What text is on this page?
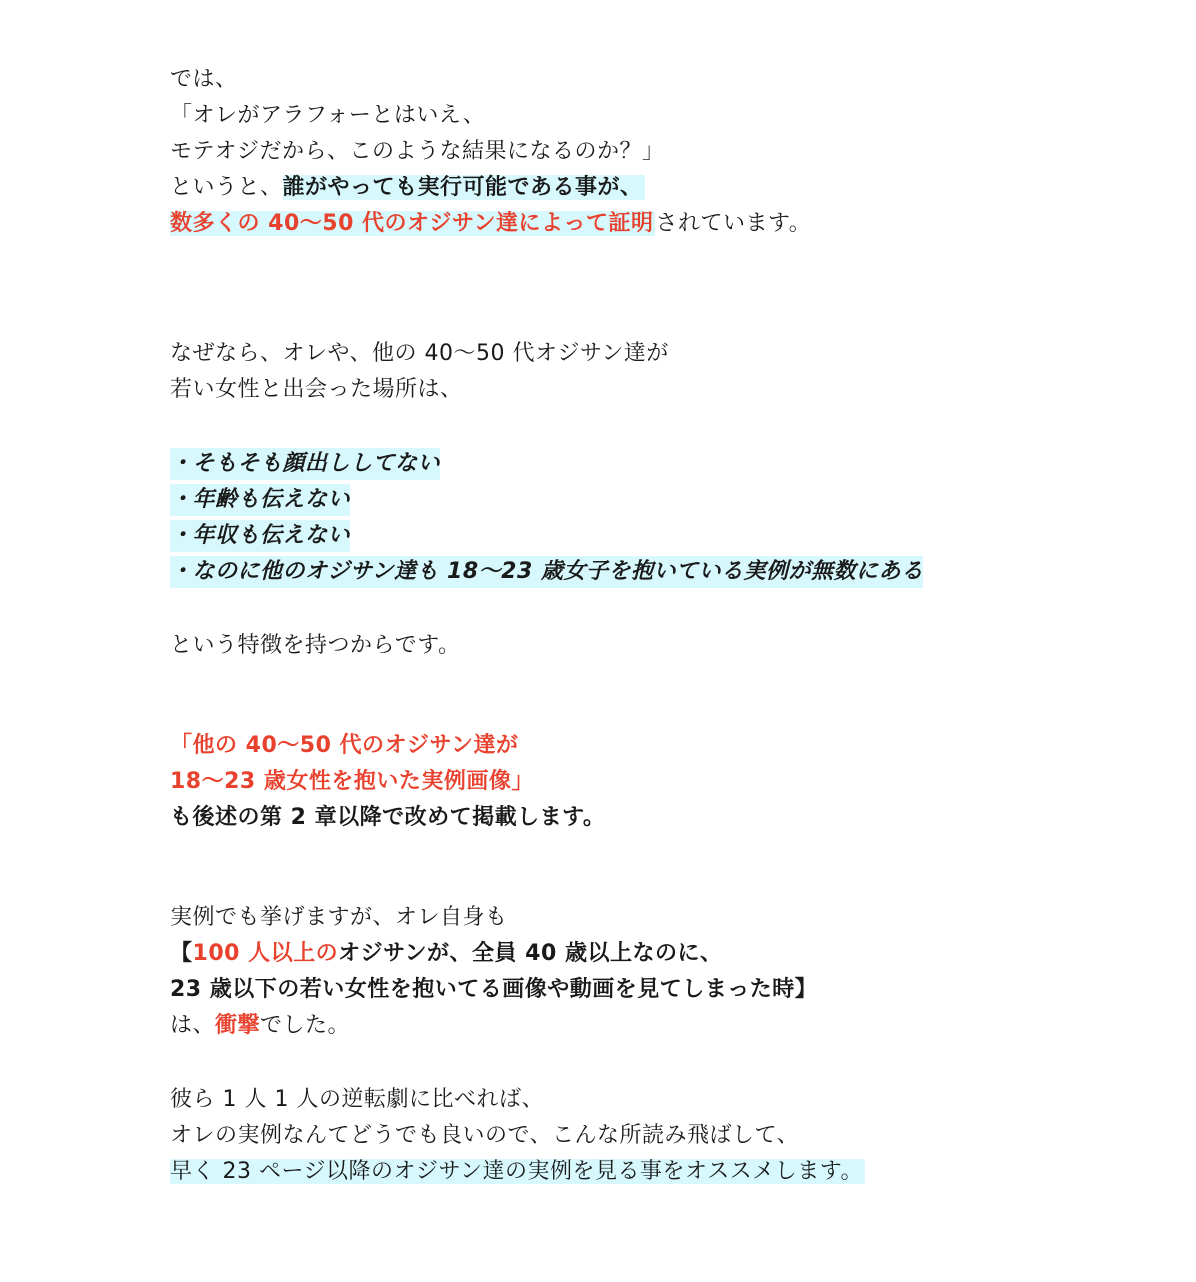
では、
「オレがアラフォーとはいえ、
モテオジだから、このような結果になるのか？」
というと、誰がやっても実行可能である事が、
数多くの 40〜50 代のオジサン達によって証明されています。
なぜなら、オレや、他の 40〜50 代オジサン達が
若い女性と出会った場所は、
・そもそも顔出ししてない
・年齢も伝えない
・年収も伝えない
・なのに他のオジサン達も 18〜23 歳女子を抱いている実例が無数にある
という特徴を持つからです。
「他の 40〜50 代のオジサン達が
18〜23 歳女性を抱いた実例画像」
も後述の第 2 章以降で改めて掲載します。
実例でも挙げますが、オレ自身も
【100 人以上のオジサンが、全員 40 歳以上なのに、
23 歳以下の若い女性を抱いてる画像や動画を見てしまった時】
は、衝撃でした。
彼ら 1 人 1 人の逆転劇に比べれば、
オレの実例なんてどうでも良いので、こんな所読み飛ばして、
早く 23 ページ以降のオジサン達の実例を見る事をオススメします。
